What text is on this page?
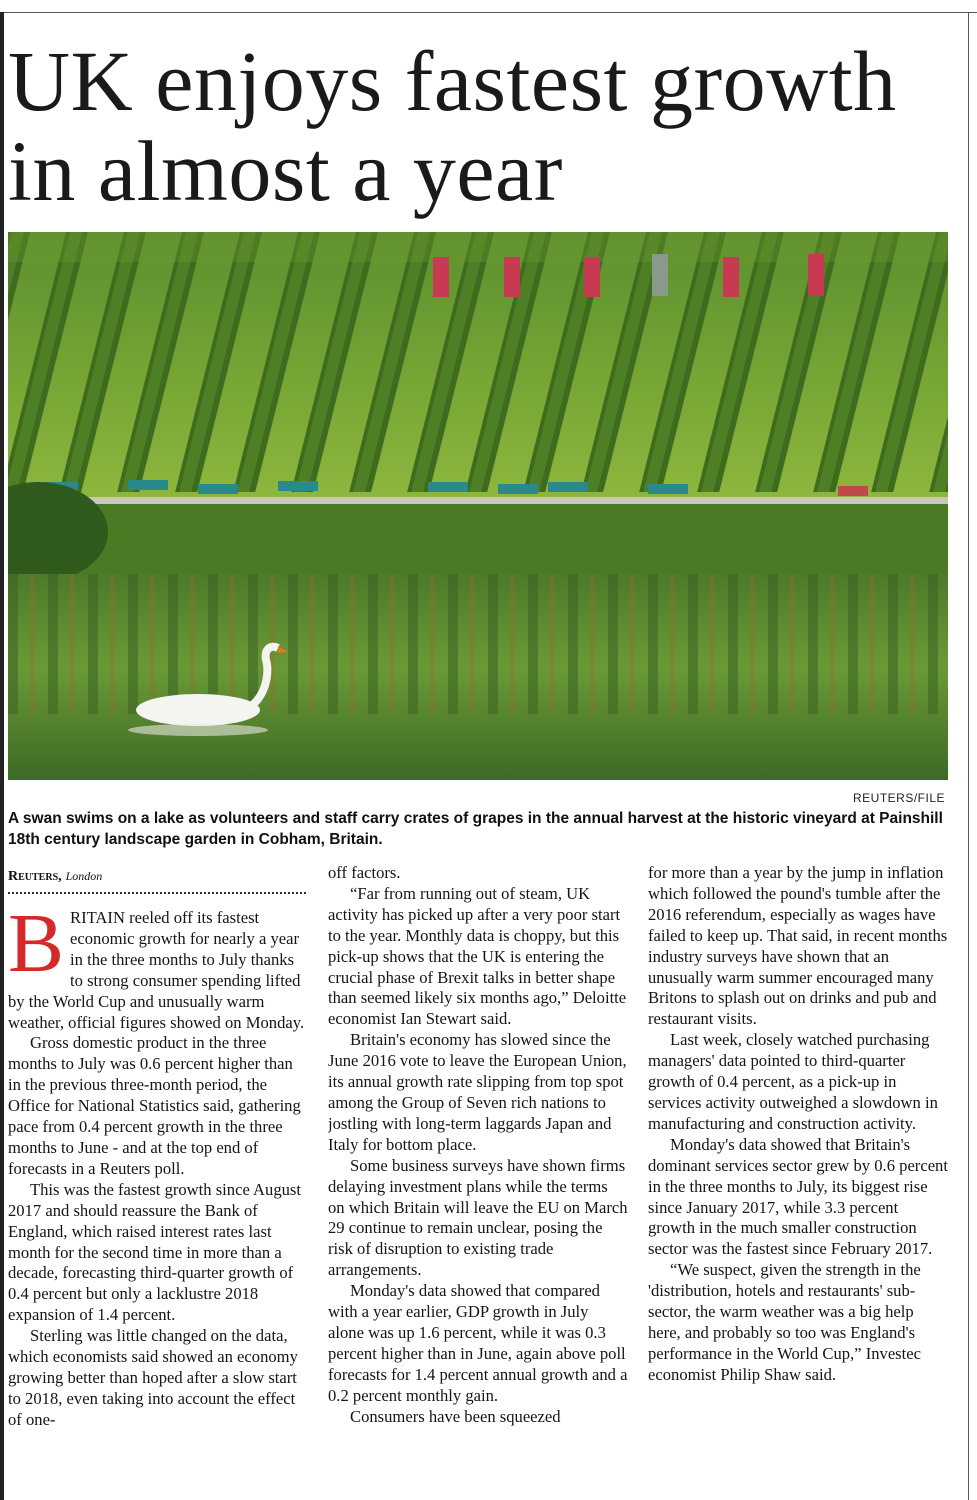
UK enjoys fastest growth
in almost a year
REUTERS/FILE

A swan swims on a lake as volunteers and staff carry crates of grapes in the annual harvest at the historic vineyard at Painshill 18th century landscape garden in Cobham, Britain.

Reuters, London

BRITAIN reeled off its fastest economic growth for nearly a year in the three months to July thanks to strong consumer spending lifted by the World Cup and unusually warm weather, official figures showed on Monday.

Gross domestic product in the three months to July was 0.6 percent higher than in the previous three-month period, the Office for National Statistics said, gathering pace from 0.4 percent growth in the three months to June - and at the top end of forecasts in a Reuters poll.

This was the fastest growth since August 2017 and should reassure the Bank of England, which raised interest rates last month for the second time in more than a decade, forecasting third-quarter growth of 0.4 percent but only a lacklustre 2018 expansion of 1.4 percent.

Sterling was little changed on the data, which economists said showed an economy growing better than hoped after a slow start to 2018, even taking into account the effect of one-

off factors.

“Far from running out of steam, UK activity has picked up after a very poor start to the year. Monthly data is choppy, but this pick-up shows that the UK is entering the crucial phase of Brexit talks in better shape than seemed likely six months ago,” Deloitte economist Ian Stewart said.

Britain's economy has slowed since the June 2016 vote to leave the European Union, its annual growth rate slipping from top spot among the Group of Seven rich nations to jostling with long-term laggards Japan and Italy for bottom place.

Some business surveys have shown firms delaying investment plans while the terms on which Britain will leave the EU on March 29 continue to remain unclear, posing the risk of disruption to existing trade arrangements.

Monday's data showed that compared with a year earlier, GDP growth in July alone was up 1.6 percent, while it was 0.3 percent higher than in June, again above poll forecasts for 1.4 percent annual growth and a 0.2 percent monthly gain.

Consumers have been squeezed

for more than a year by the jump in inflation which followed the pound's tumble after the 2016 referendum, especially as wages have failed to keep up. That said, in recent months industry surveys have shown that an unusually warm summer encouraged many Britons to splash out on drinks and pub and restaurant visits.

Last week, closely watched purchasing managers' data pointed to third-quarter growth of 0.4 percent, as a pick-up in services activity outweighed a slowdown in manufacturing and construction activity.

Monday's data showed that Britain's dominant services sector grew by 0.6 percent in the three months to July, its biggest rise since January 2017, while 3.3 percent growth in the much smaller construction sector was the fastest since February 2017.

“We suspect, given the strength in the 'distribution, hotels and restaurants' sub-sector, the warm weather was a big help here, and probably so too was England's performance in the World Cup,” Investec economist Philip Shaw said.
